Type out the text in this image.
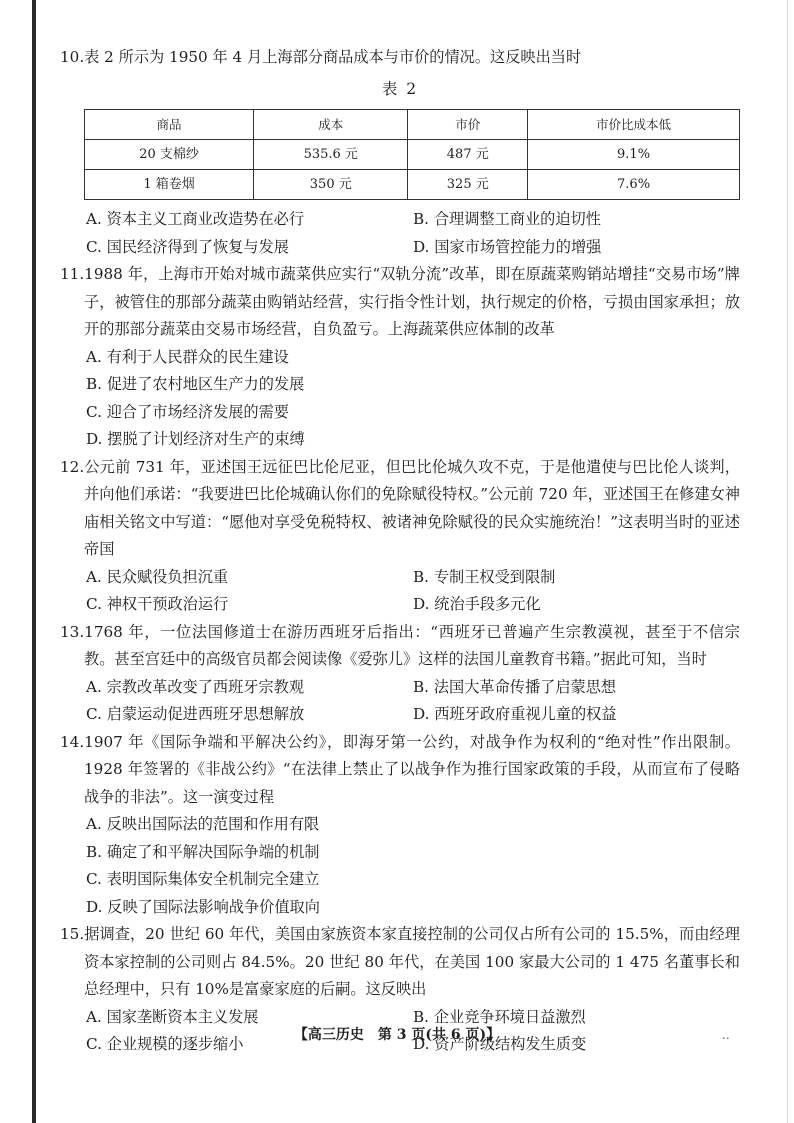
10.表 2 所示为 1950 年 4 月上海部分商品成本与市价的情况。这反映出当时

表 2
商品	成本	市价	市价比成本低
20 支棉纱	535.6 元	487 元	9.1%
1 箱卷烟	350 元	325 元	7.6%
A. 资本主义工商业改造势在必行	B. 合理调整工商业的迫切性
C. 国民经济得到了恢复与发展	D. 国家市场管控能力的增强

11.1988 年，上海市开始对城市蔬菜供应实行“双轨分流”改革，即在原蔬菜购销站增挂“交易市场”牌子，被管住的那部分蔬菜由购销站经营，实行指令性计划，执行规定的价格，亏损由国家承担；放开的那部分蔬菜由交易市场经营，自负盈亏。上海蔬菜供应体制的改革

A. 有利于人民群众的民生建设

B. 促进了农村地区生产力的发展

C. 迎合了市场经济发展的需要

D. 摆脱了计划经济对生产的束缚

12.公元前 731 年，亚述国王远征巴比伦尼亚，但巴比伦城久攻不克，于是他遣使与巴比伦人谈判，并向他们承诺：“我要进巴比伦城确认你们的免除赋役特权。”公元前 720 年，亚述国王在修建女神庙相关铭文中写道：“愿他对享受免税特权、被诸神免除赋役的民众实施统治！”这表明当时的亚述帝国

A. 民众赋役负担沉重	B. 专制王权受到限制
C. 神权干预政治运行	D. 统治手段多元化

13.1768 年，一位法国修道士在游历西班牙后指出：“西班牙已普遍产生宗教漠视，甚至于不信宗教。甚至宫廷中的高级官员都会阅读像《爱弥儿》这样的法国儿童教育书籍。”据此可知，当时

A. 宗教改革改变了西班牙宗教观	B. 法国大革命传播了启蒙思想
C. 启蒙运动促进西班牙思想解放	D. 西班牙政府重视儿童的权益

14.1907 年《国际争端和平解决公约》，即海牙第一公约，对战争作为权利的“绝对性”作出限制。1928 年签署的《非战公约》“在法律上禁止了以战争作为推行国家政策的手段，从而宣布了侵略战争的非法”。这一演变过程

A. 反映出国际法的范围和作用有限

B. 确定了和平解决国际争端的机制

C. 表明国际集体安全机制完全建立

D. 反映了国际法影响战争价值取向

15.据调查，20 世纪 60 年代，美国由家族资本家直接控制的公司仅占所有公司的 15.5%，而由经理资本家控制的公司则占 84.5%。20 世纪 80 年代，在美国 100 家最大公司的 1 475 名董事长和总经理中，只有 10%是富豪家庭的后嗣。这反映出

A. 国家垄断资本主义发展	B. 企业竞争环境日益激烈
C. 企业规模的逐步缩小	D. 资产阶级结构发生质变
【高三历史　第 3 页(共 6 页)】	..
